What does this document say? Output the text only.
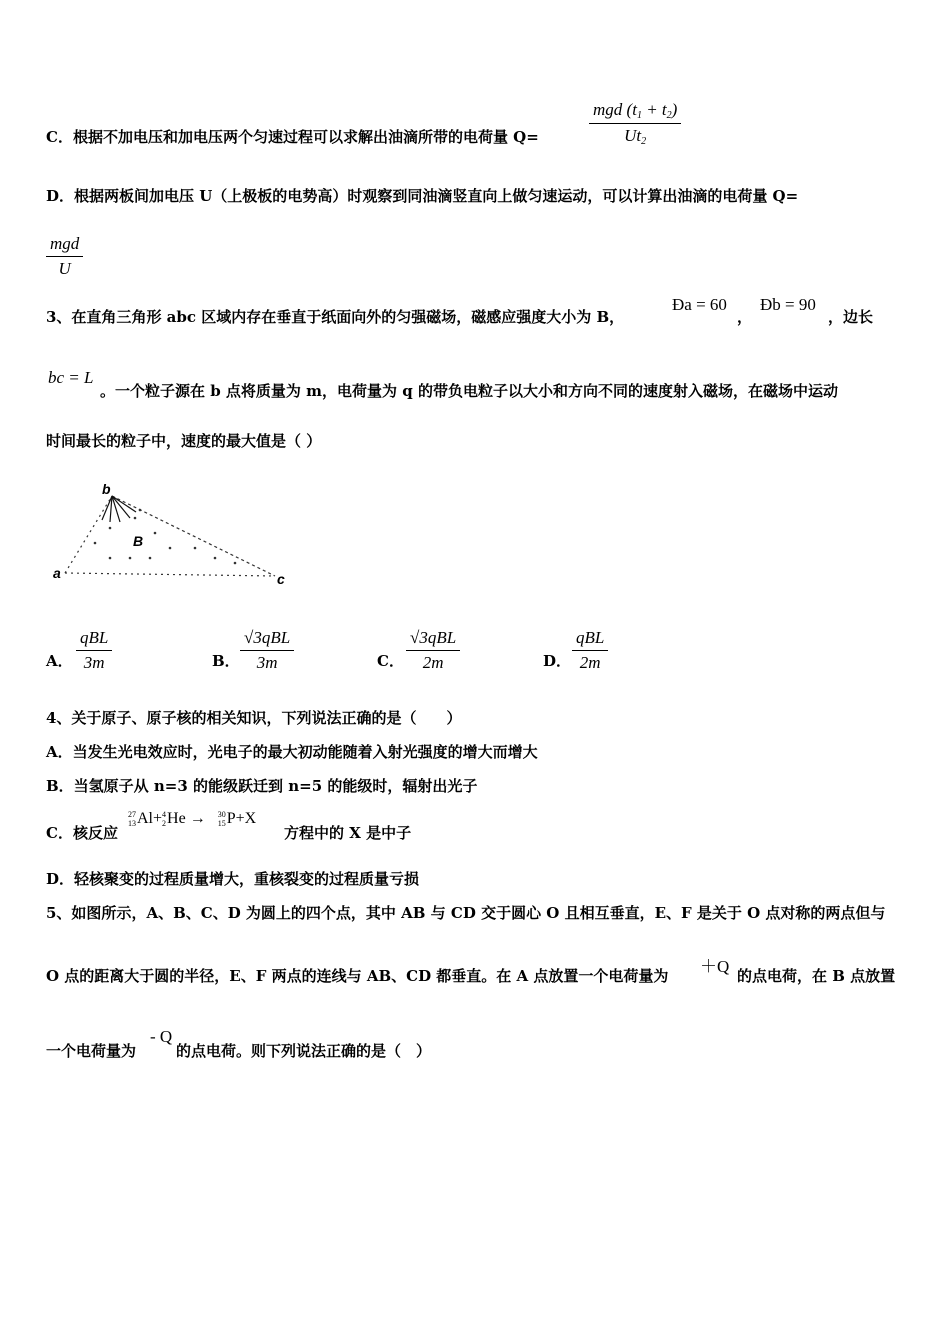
C．根据不加电压和加电压两个匀速过程可以求解出油滴所带的电荷量 Q=
mgd $(t_1 + t_2)$
$Ut_2$
D．根据两板间加电压 U（上极板的电势高）时观察到同油滴竖直向上做匀速运动，可以计算出油滴的电荷量 Q=
mgd
U
3、在直角三角形 abc 区域内存在垂直于纸面向外的匀强磁场，磁感应强度大小为 B，
Ða = 60
，
Ðb = 90
，边长
bc = L
。一个粒子源在 b 点将质量为 m，电荷量为 q 的带负电粒子以大小和方向不同的速度射入磁场，在磁场中运动
时间最长的粒子中，速度的最大值是（ ）
a
b
c
B
A．
qBL
3m	B．
√3qBL
3m	C．
√3qBL
2m	D．
qBL
2m
4、关于原子、原子核的相关知识，下列说法正确的是（　　）
A．当发生光电效应时，光电子的最大初动能随着入射光强度的增大而增大
B．当氢原子从 n=3 的能级跃迁到 n=5 的能级时，辐射出光子
C．核反应
27
13Al+4
2He → 30
15P+X
方程中的 X 是中子
D．轻核聚变的过程质量增大，重核裂变的过程质量亏损
5、如图所示，A、B、C、D 为圆上的四个点，其中 AB 与 CD 交于圆心 O 且相互垂直，E、F 是关于 O 点对称的两点但与
O 点的距离大于圆的半径，E、F 两点的连线与 AB、CD 都垂直。在 A 点放置一个电荷量为 ＋Q 的点电荷，在 B 点放置
一个电荷量为
- Q
的点电荷。则下列说法正确的是（　）
